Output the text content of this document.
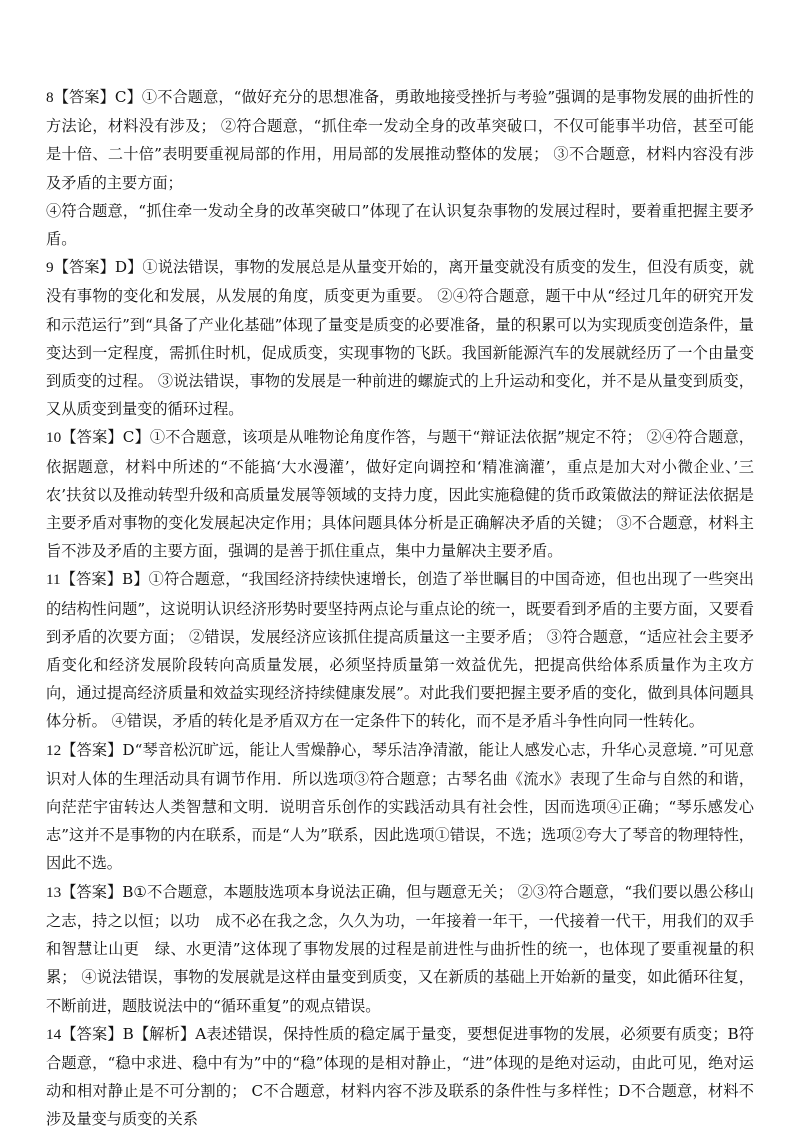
8【答案】C】①不合题意，“做好充分的思想准备，勇敢地接受挫折与考验”强调的是事物发展的曲折性的方法论，材料没有涉及； ②符合题意，“抓住牵一发动全身的改革突破口，不仅可能事半功倍，甚至可能是十倍、二十倍”表明要重视局部的作用，用局部的发展推动整体的发展； ③不合题意，材料内容没有涉及矛盾的主要方面；

④符合题意，“抓住牵一发动全身的改革突破口”体现了在认识复杂事物的发展过程时，要着重把握主要矛盾。

9【答案】D】①说法错误，事物的发展总是从量变开始的，离开量变就没有质变的发生，但没有质变，就没有事物的变化和发展，从发展的角度，质变更为重要。 ②④符合题意，题干中从“经过几年的研究开发和示范运行”到“具备了产业化基础”体现了量变是质变的必要准备，量的积累可以为实现质变创造条件，量变达到一定程度，需抓住时机，促成质变，实现事物的飞跃。我国新能源汽车的发展就经历了一个由量变到质变的过程。 ③说法错误，事物的发展是一种前进的螺旋式的上升运动和变化，并不是从量变到质变，又从质变到量变的循环过程。

10【答案】C】①不合题意，该项是从唯物论角度作答，与题干“辩证法依据”规定不符； ②④符合题意，依据题意，材料中所述的“不能搞‘大水漫灌’，做好定向调控和‘精准滴灌’，重点是加大对小微企业、’三农’扶贫以及推动转型升级和高质量发展等领域的支持力度，因此实施稳健的货币政策做法的辩证法依据是主要矛盾对事物的变化发展起决定作用；具体问题具体分析是正确解决矛盾的关键； ③不合题意，材料主旨不涉及矛盾的主要方面，强调的是善于抓住重点，集中力量解决主要矛盾。

11【答案】B】①符合题意，“我国经济持续快速增长，创造了举世瞩目的中国奇迹，但也出现了一些突出的结构性问题”，这说明认识经济形势时要坚持两点论与重点论的统一，既要看到矛盾的主要方面，又要看到矛盾的次要方面； ②错误，发展经济应该抓住提高质量这一主要矛盾； ③符合题意，“适应社会主要矛盾变化和经济发展阶段转向高质量发展，必须坚持质量第一效益优先，把提高供给体系质量作为主攻方向，通过提高经济质量和效益实现经济持续健康发展”。对此我们要把握主要矛盾的变化，做到具体问题具体分析。 ④错误，矛盾的转化是矛盾双方在一定条件下的转化，而不是矛盾斗争性向同一性转化。

12【答案】D“琴音松沉旷远，能让人雪燥静心，琴乐洁净清澈，能让人感发心志，升华心灵意境．”可见意识对人体的生理活动具有调节作用．所以选项③符合题意；古琴名曲《流水》表现了生命与自然的和谐，向茫茫宇宙转达人类智慧和文明．说明音乐创作的实践活动具有社会性，因而选项④正确；“琴乐感发心志”这并不是事物的内在联系，而是“人为”联系，因此选项①错误，不选；选项②夸大了琴音的物理特性，因此不选。

13【答案】B①不合题意，本题肢选项本身说法正确，但与题意无关； ②③符合题意，“我们要以愚公移山之志，持之以恒；以功　成不必在我之念，久久为功，一年接着一年干，一代接着一代干，用我们的双手和智慧让山更　绿、水更清”这体现了事物发展的过程是前进性与曲折性的统一，也体现了要重视量的积累； ④说法错误，事物的发展就是这样由量变到质变，又在新质的基础上开始新的量变，如此循环往复，不断前进，题肢说法中的“循环重复”的观点错误。

14【答案】B【解析】A表述错误，保持性质的稳定属于量变，要想促进事物的发展，必须要有质变；B符合题意，“稳中求进、稳中有为”中的“稳”体现的是相对静止，“进”体现的是绝对运动，由此可见，绝对运动和相对静止是不可分割的； C不合题意，材料内容不涉及联系的条件性与多样性；D不合题意，材料不涉及量变与质变的关系
